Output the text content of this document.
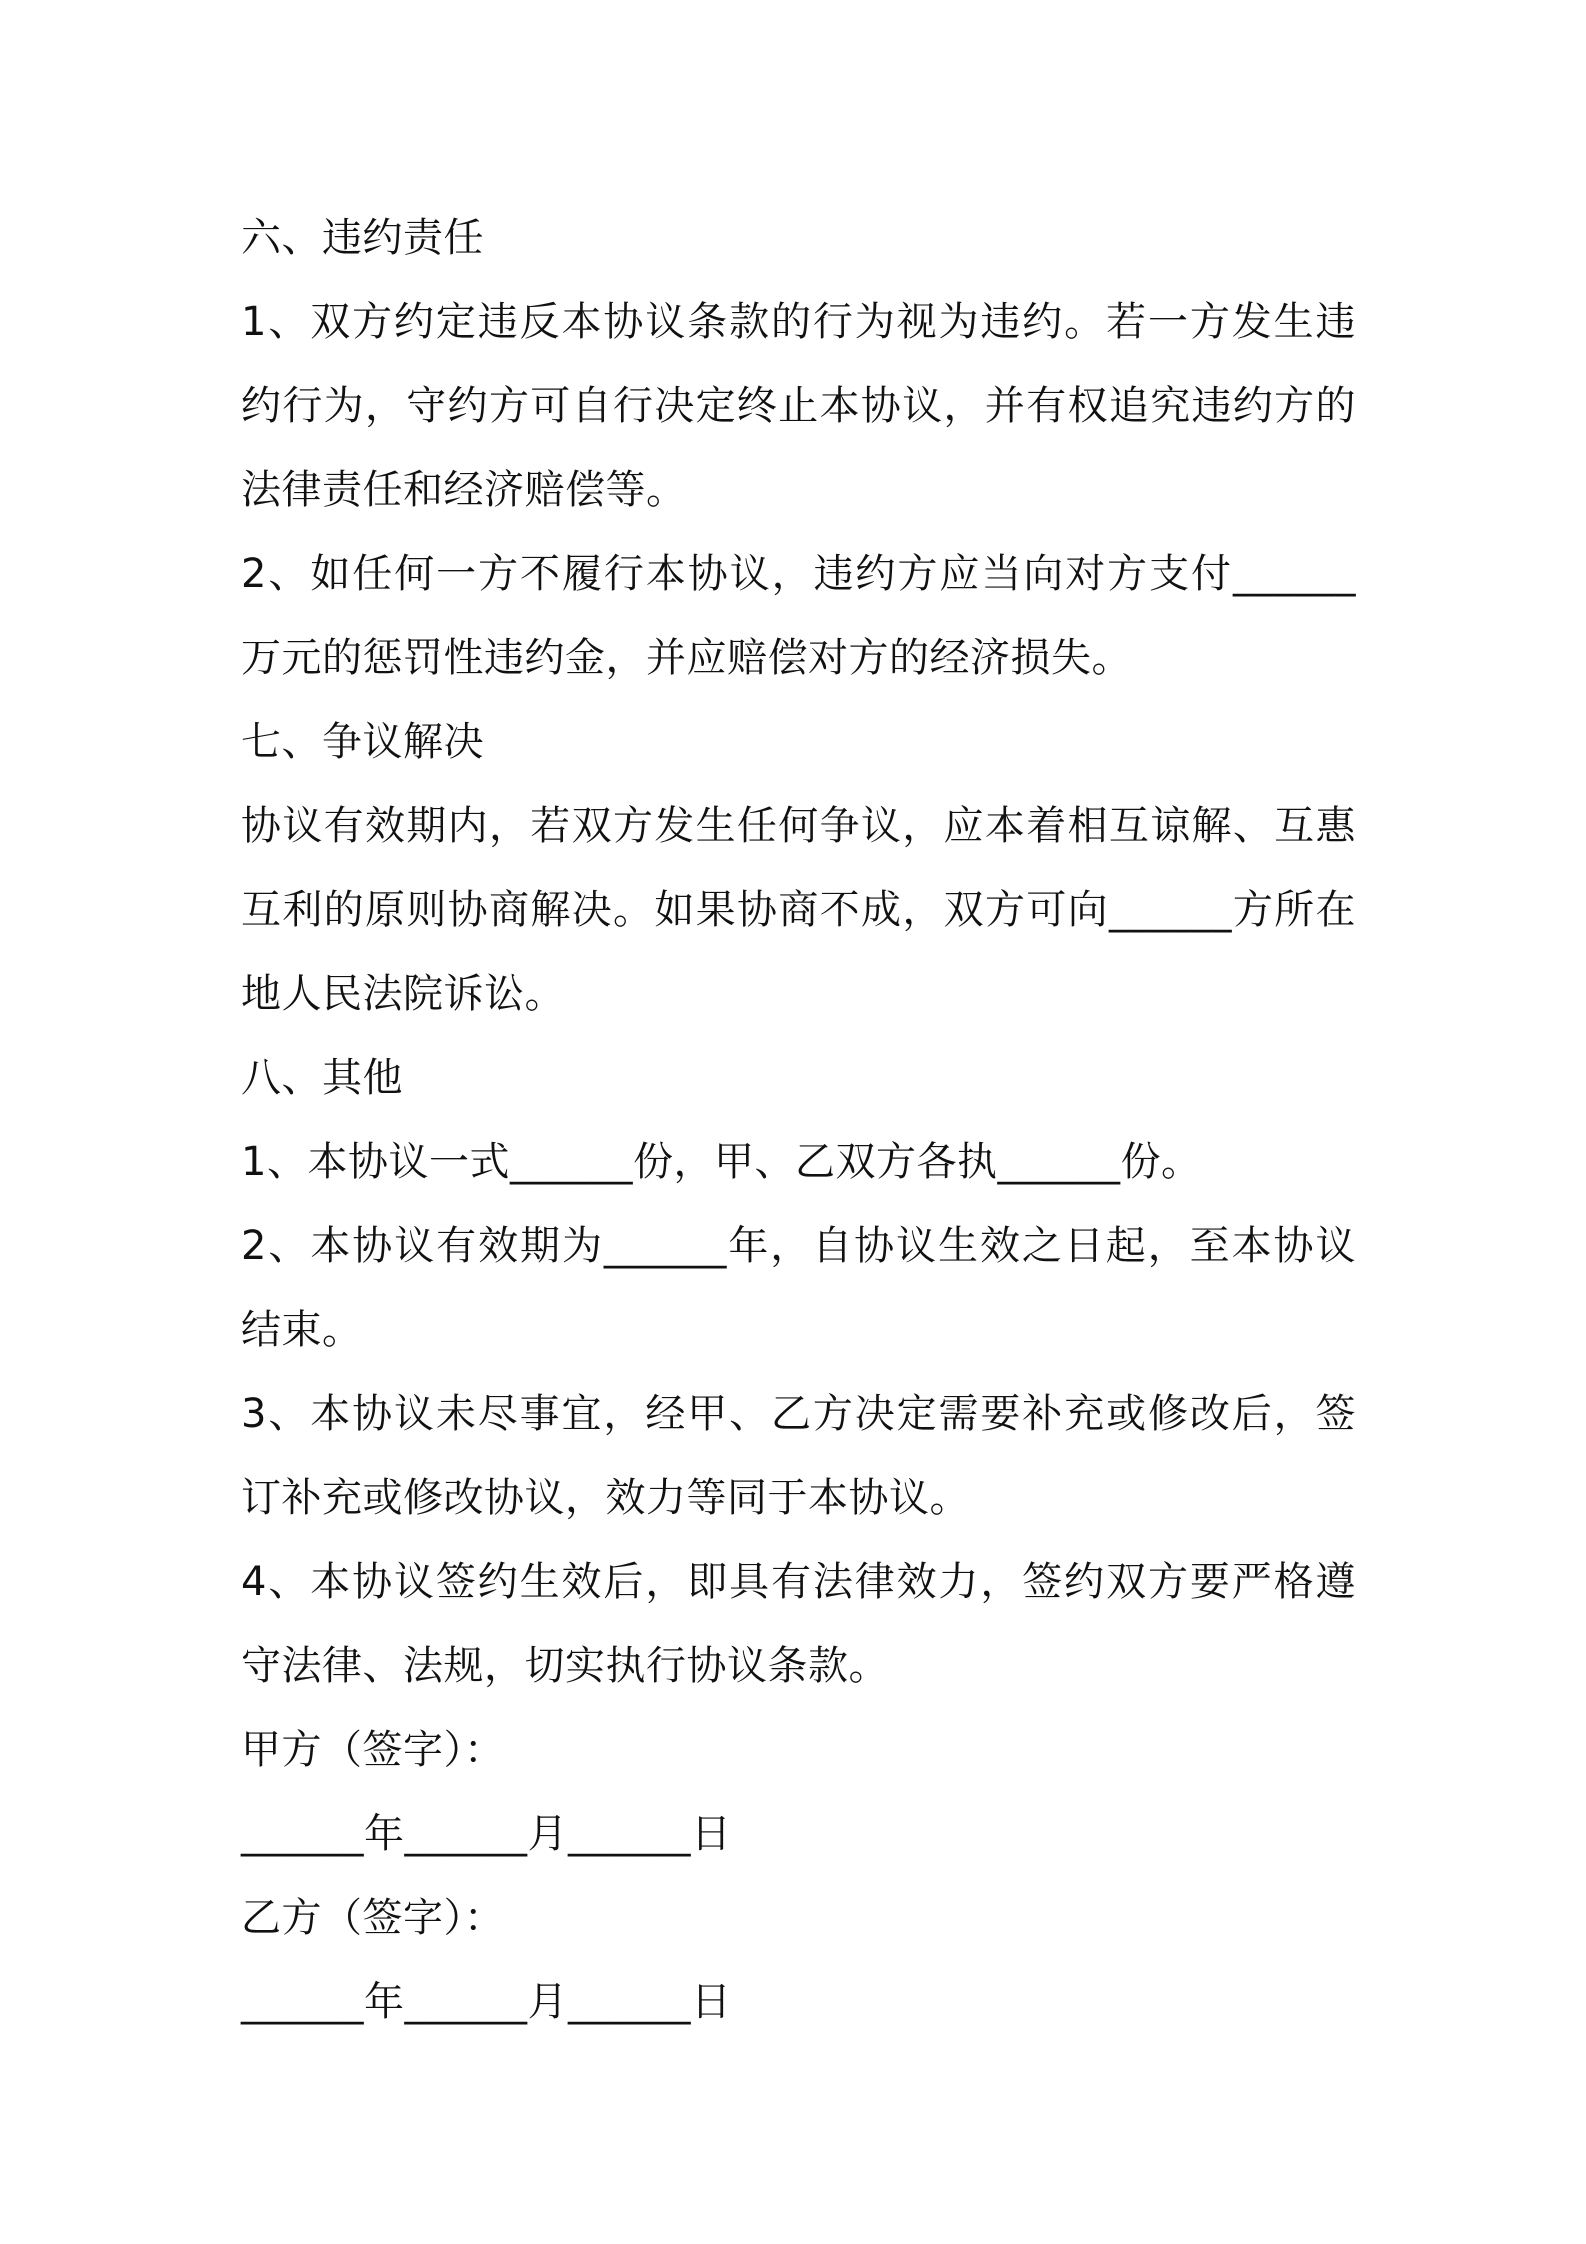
六、违约责任
1、双方约定违反本协议条款的行为视为违约。若一方发生违约行为，守约方可自行决定终止本协议，并有权追究违约方的法律责任和经济赔偿等。
2、如任何一方不履行本协议，违约方应当向对方支付______万元的惩罚性违约金，并应赔偿对方的经济损失。
七、争议解决
协议有效期内，若双方发生任何争议，应本着相互谅解、互惠互利的原则协商解决。如果协商不成，双方可向______方所在地人民法院诉讼。
八、其他
1、本协议一式______份，甲、乙双方各执______份。
2、本协议有效期为______年，自协议生效之日起，至本协议结束。
3、本协议未尽事宜，经甲、乙方决定需要补充或修改后，签订补充或修改协议，效力等同于本协议。
4、本协议签约生效后，即具有法律效力，签约双方要严格遵守法律、法规，切实执行协议条款。
甲方（签字）：
______年______月______日
乙方（签字）：
______年______月______日
